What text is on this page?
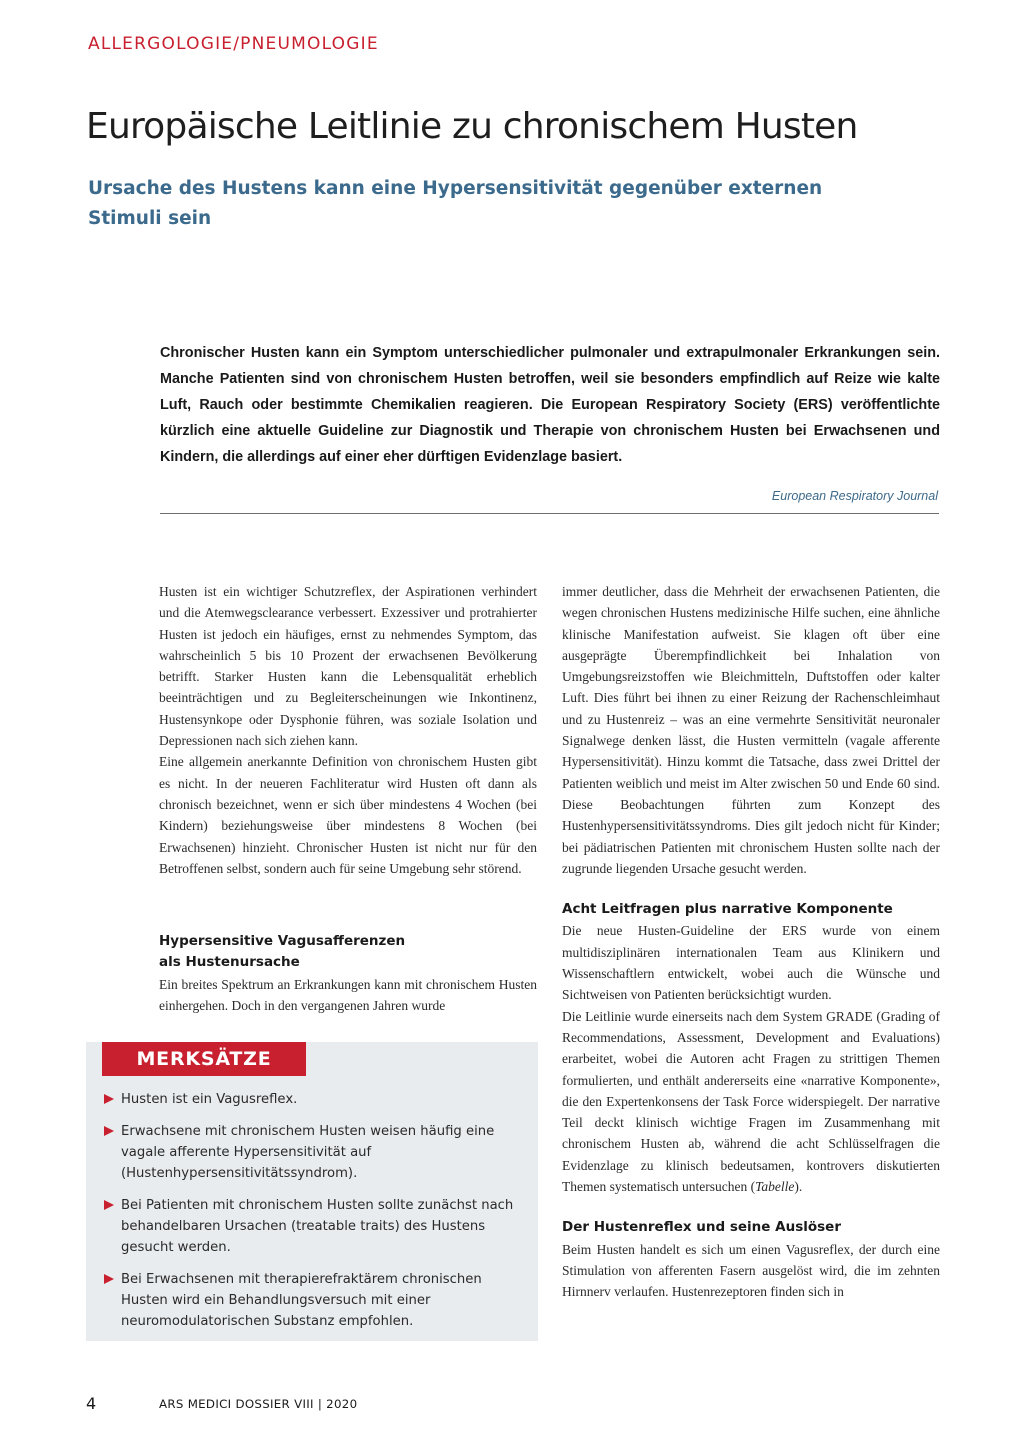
ALLERGOLOGIE/PNEUMOLOGIE
Europäische Leitlinie zu chronischem Husten
Ursache des Hustens kann eine Hypersensitivität gegenüber externen Stimuli sein

Chronischer Husten kann ein Symptom unterschiedlicher pulmonaler und extrapulmonaler Erkrankungen sein. Manche Patienten sind von chronischem Husten betroffen, weil sie besonders empfindlich auf Reize wie kalte Luft, Rauch oder bestimmte Chemikalien reagieren. Die European Respiratory Society (ERS) veröffentlichte kürzlich eine aktuelle Guideline zur Diagnostik und Therapie von chronischem Husten bei Erwachsenen und Kindern, die allerdings auf einer eher dürftigen Evidenzlage basiert.

European Respiratory Journal

Husten ist ein wichtiger Schutzreflex, der Aspirationen verhindert und die Atemwegsclearance verbessert. Exzessiver und protrahierter Husten ist jedoch ein häufiges, ernst zu nehmendes Symptom, das wahrscheinlich 5 bis 10 Prozent der erwachsenen Bevölkerung betrifft. Starker Husten kann die Lebensqualität erheblich beeinträchtigen und zu Begleiterscheinungen wie Inkontinenz, Hustensynkope oder Dysphonie führen, was soziale Isolation und Depressionen nach sich ziehen kann.

Eine allgemein anerkannte Definition von chronischem Husten gibt es nicht. In der neueren Fachliteratur wird Husten oft dann als chronisch bezeichnet, wenn er sich über mindestens 4 Wochen (bei Kindern) beziehungsweise über mindestens 8 Wochen (bei Erwachsenen) hinzieht. Chronischer Husten ist nicht nur für den Betroffenen selbst, sondern auch für seine Umgebung sehr störend.

Hypersensitive Vagusafferenzen
als Hustenursache

Ein breites Spektrum an Erkrankungen kann mit chronischem Husten einhergehen. Doch in den vergangenen Jahren wurde

MERKSÄTZE
Husten ist ein Vagusreflex.
Erwachsene mit chronischem Husten weisen häufig eine vagale afferente Hypersensitivität auf (Hustenhypersensitivitätssyndrom).
Bei Patienten mit chronischem Husten sollte zunächst nach behandelbaren Ursachen (treatable traits) des Hustens gesucht werden.
Bei Erwachsenen mit therapierefraktärem chronischen Husten wird ein Behandlungsversuch mit einer neuromodulatorischen Substanz empfohlen.

immer deutlicher, dass die Mehrheit der erwachsenen Patienten, die wegen chronischen Hustens medizinische Hilfe suchen, eine ähnliche klinische Manifestation aufweist. Sie klagen oft über eine ausgeprägte Überempfindlichkeit bei Inhalation von Umgebungsreizstoffen wie Bleichmitteln, Duftstoffen oder kalter Luft. Dies führt bei ihnen zu einer Reizung der Rachenschleimhaut und zu Hustenreiz – was an eine vermehrte Sensitivität neuronaler Signalwege denken lässt, die Husten vermitteln (vagale afferente Hypersensitivität). Hinzu kommt die Tatsache, dass zwei Drittel der Patienten weiblich und meist im Alter zwischen 50 und Ende 60 sind. Diese Beobachtungen führten zum Konzept des Hustenhypersensitivitätssyndroms. Dies gilt jedoch nicht für Kinder; bei pädiatrischen Patienten mit chronischem Husten sollte nach der zugrunde liegenden Ursache gesucht werden.

Acht Leitfragen plus narrative Komponente

Die neue Husten-Guideline der ERS wurde von einem multidisziplinären internationalen Team aus Klinikern und Wissenschaftlern entwickelt, wobei auch die Wünsche und Sichtweisen von Patienten berücksichtigt wurden.

Die Leitlinie wurde einerseits nach dem System GRADE (Grading of Recommendations, Assessment, Development and Evaluations) erarbeitet, wobei die Autoren acht Fragen zu strittigen Themen formulierten, und enthält andererseits eine «narrative Komponente», die den Expertenkonsens der Task Force widerspiegelt. Der narrative Teil deckt klinisch wichtige Fragen im Zusammenhang mit chronischem Husten ab, während die acht Schlüsselfragen die Evidenzlage zu klinisch bedeutsamen, kontrovers diskutierten Themen systematisch untersuchen (Tabelle).

Der Hustenreflex und seine Auslöser

Beim Husten handelt es sich um einen Vagusreflex, der durch eine Stimulation von afferenten Fasern ausgelöst wird, die im zehnten Hirnnerv verlaufen. Hustenrezeptoren finden sich in

4	ARS MEDICI DOSSIER VIII | 2020
